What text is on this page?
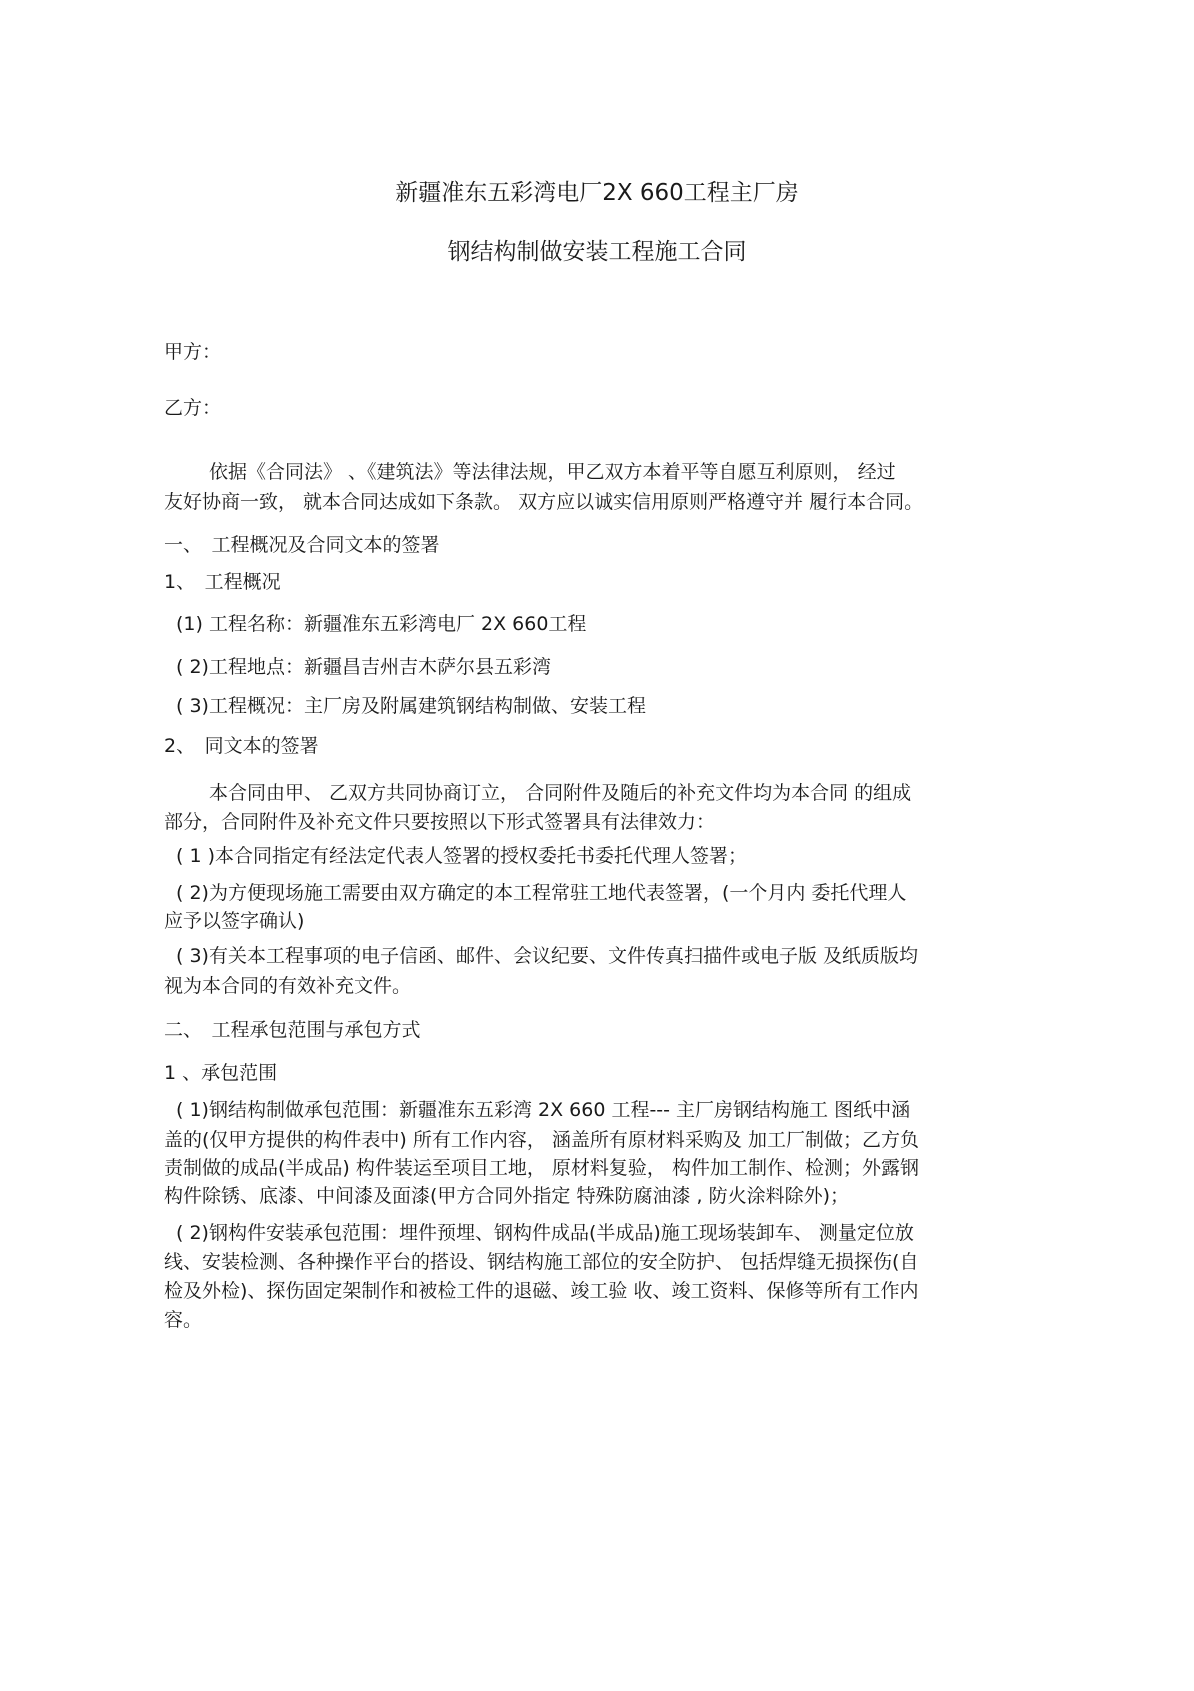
新疆准东五彩湾电厂2X 660工程主厂房
钢结构制做安装工程施工合同
甲方：
乙方：
依据《合同法》 、《建筑法》等法律法规，甲乙双方本着平等自愿互利原则， 经过
友好协商一致， 就本合同达成如下条款。 双方应以诚实信用原则严格遵守并 履行本合同。
一、　工程概况及合同文本的签署
1、　工程概况
(1) 工程名称：新疆准东五彩湾电厂 2X 660工程
( 2)工程地点：新疆昌吉州吉木萨尔县五彩湾
( 3)工程概况：主厂房及附属建筑钢结构制做、安装工程
2、　同文本的签署
本合同由甲、 乙双方共同协商订立， 合同附件及随后的补充文件均为本合同 的组成
部分，合同附件及补充文件只要按照以下形式签署具有法律效力：
( 1 )本合同指定有经法定代表人签署的授权委托书委托代理人签署；
( 2)为方便现场施工需要由双方确定的本工程常驻工地代表签署，(一个月内 委托代理人
应予以签字确认)
( 3)有关本工程事项的电子信函、邮件、会议纪要、文件传真扫描件或电子版 及纸质版均
视为本合同的有效补充文件。
二、　工程承包范围与承包方式
1 、承包范围
( 1)钢结构制做承包范围：新疆准东五彩湾 2X 660 工程--- 主厂房钢结构施工 图纸中涵
盖的(仅甲方提供的构件表中) 所有工作内容， 涵盖所有原材料采购及 加工厂制做；乙方负
责制做的成品(半成品) 构件装运至项目工地， 原材料复验， 构件加工制作、检测；外露钢
构件除锈、底漆、中间漆及面漆(甲方合同外指定 特殊防腐油漆 , 防火涂料除外)；
( 2)钢构件安装承包范围：埋件预埋、钢构件成品(半成品)施工现场装卸车、 测量定位放
线、安装检测、各种操作平台的搭设、钢结构施工部位的安全防护、 包括焊缝无损探伤(自
检及外检)、探伤固定架制作和被检工件的退磁、竣工验 收、竣工资料、保修等所有工作内
容。
